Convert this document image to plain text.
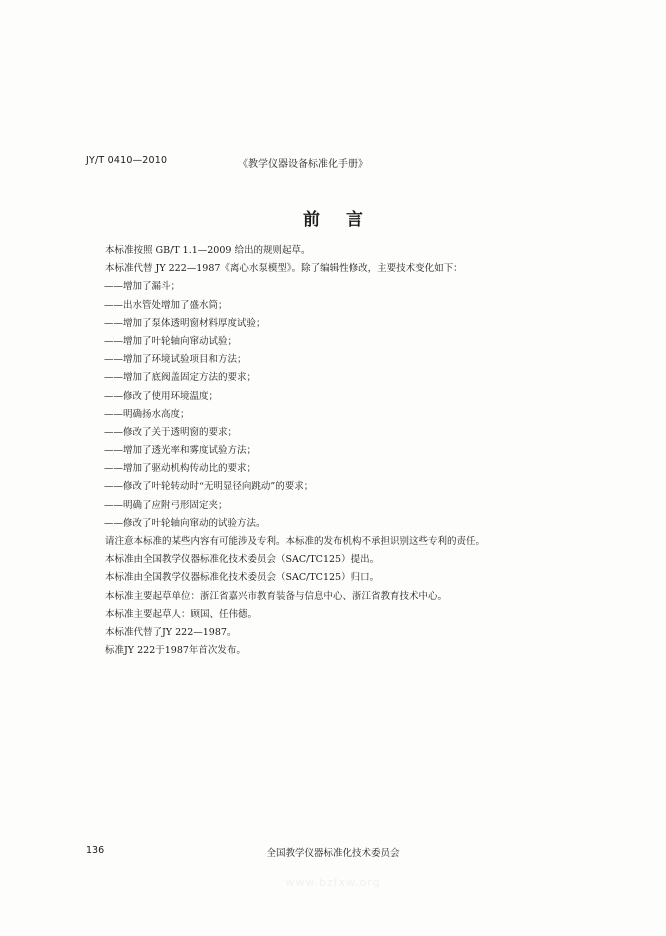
JY/T 0410—2010	《教学仪器设备标准化手册》
前言
本标准按照 GB/T 1.1—2009 给出的规则起草。
本标准代替 JY 222—1987《离心水泵模型》。除了编辑性修改，主要技术变化如下：
——增加了漏斗；
——出水管处增加了盛水筒；
——增加了泵体透明窗材料厚度试验；
——增加了叶轮轴向窜动试验；
——增加了环境试验项目和方法；
——增加了底阀盖固定方法的要求；
——修改了使用环境温度；
——明确扬水高度；
——修改了关于透明窗的要求；
——增加了透光率和雾度试验方法；
——增加了驱动机构传动比的要求；
——修改了叶轮转动时“无明显径向跳动”的要求；
——明确了应附弓形固定夹；
——修改了叶轮轴向窜动的试验方法。
请注意本标准的某些内容有可能涉及专利。本标准的发布机构不承担识别这些专利的责任。
本标准由全国教学仪器标准化技术委员会（SAC/TC125）提出。
本标准由全国教学仪器标准化技术委员会（SAC/TC125）归口。
本标准主要起草单位：浙江省嘉兴市教育装备与信息中心、浙江省教育技术中心。
本标准主要起草人：顾国、任伟德。
本标准代替了JY 222—1987。
标准JY 222于1987年首次发布。
136	全国教学仪器标准化技术委员会
www.bzfxw.org
